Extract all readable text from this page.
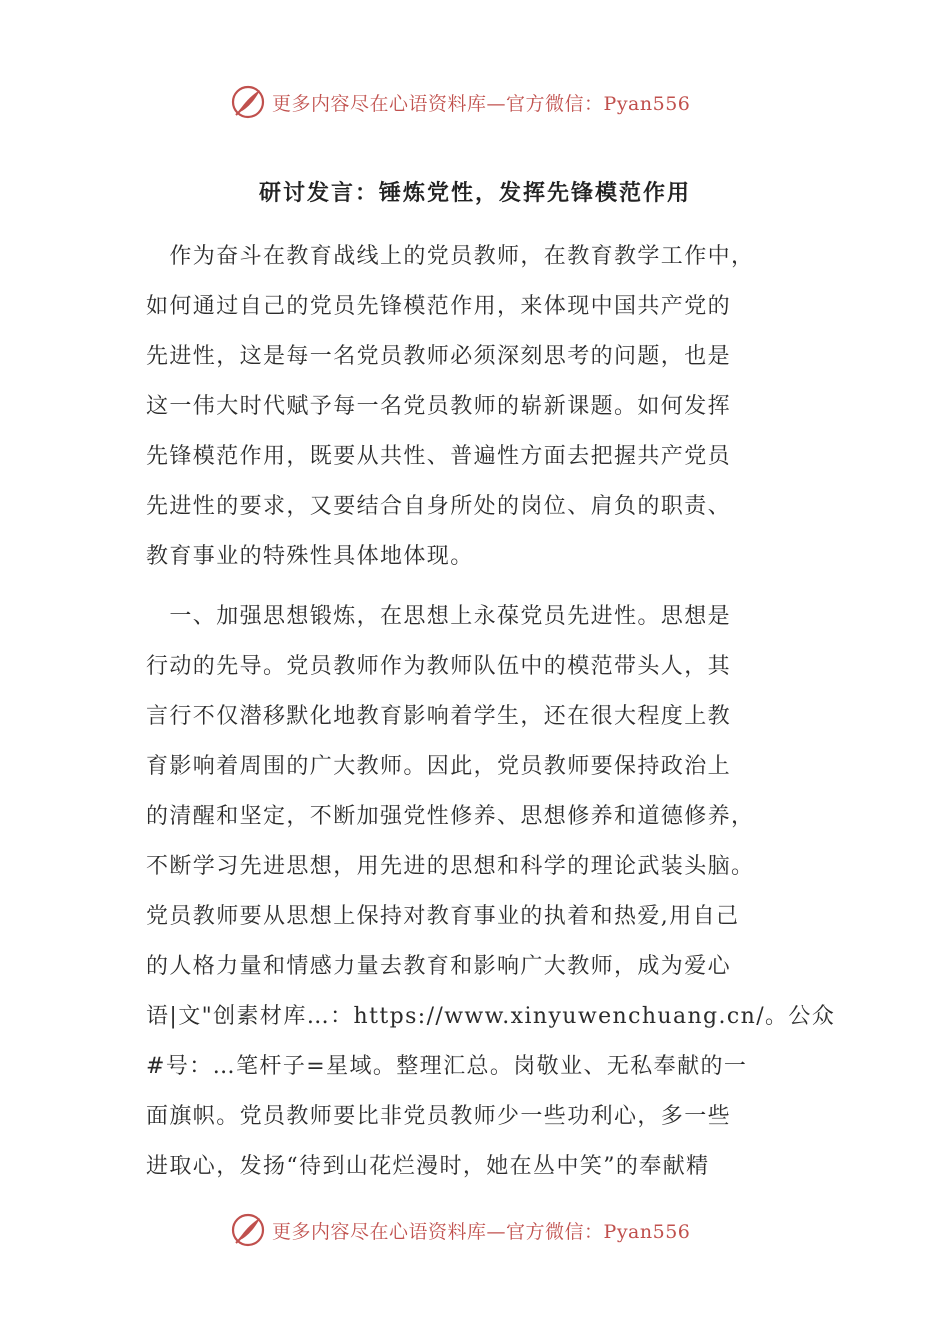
更多内容尽在心语资料库—官方微信：Pyan556
研讨发言：锤炼党性，发挥先锋模范作用
　作为奋斗在教育战线上的党员教师，在教育教学工作中，
如何通过自己的党员先锋模范作用，来体现中国共产党的
先进性，这是每一名党员教师必须深刻思考的问题，也是
这一伟大时代赋予每一名党员教师的崭新课题。如何发挥
先锋模范作用，既要从共性、普遍性方面去把握共产党员
先进性的要求，又要结合自身所处的岗位、肩负的职责、
教育事业的特殊性具体地体现。
　一、加强思想锻炼，在思想上永葆党员先进性。思想是
行动的先导。党员教师作为教师队伍中的模范带头人，其
言行不仅潜移默化地教育影响着学生，还在很大程度上教
育影响着周围的广大教师。因此，党员教师要保持政治上
的清醒和坚定，不断加强党性修养、思想修养和道德修养，
不断学习先进思想，用先进的思想和科学的理论武装头脑。
党员教师要从思想上保持对教育事业的执着和热爱,用自己
的人格力量和情感力量去教育和影响广大教师，成为爱心
语|文"创素材库…：https://www.xinyuwenchuang.cn/。公众
#号：…笔杆子=星域。整理汇总。岗敬业、无私奉献的一
面旗帜。党员教师要比非党员教师少一些功利心，多一些
进取心，发扬“待到山花烂漫时，她在丛中笑”的奉献精
更多内容尽在心语资料库—官方微信：Pyan556
